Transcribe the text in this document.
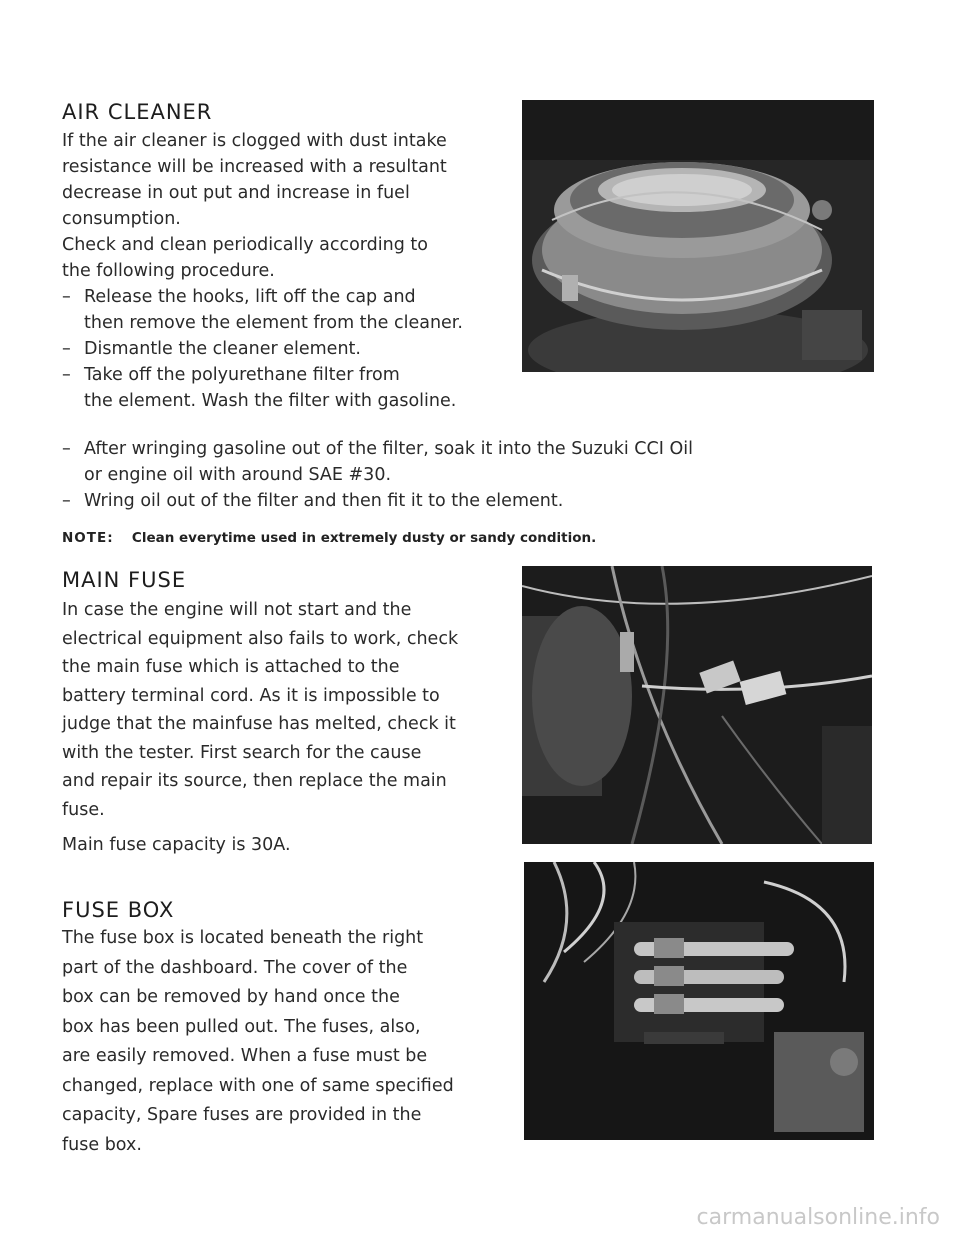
AIR CLEANER
If the air cleaner is clogged with dust intake
resistance will be increased with a resultant
decrease in out put and increase in fuel
consumption.
Check and clean periodically according to
the following procedure.
– Release the hooks, lift off the cap and
then remove the element from the cleaner.
– Dismantle the cleaner element.
– Take off the polyurethane filter from
the element. Wash the filter with gasoline.
– After wringing gasoline out of the filter, soak it into the Suzuki CCI Oil
or engine oil with around SAE #30.
– Wring oil out of the filter and then fit it to the element.
NOTE: Clean everytime used in extremely dusty or sandy condition.
MAIN FUSE
In case the engine will not start and the
electrical equipment also fails to work, check
the main fuse which is attached to the
battery terminal cord. As it is impossible to
judge that the mainfuse has melted, check it
with the tester. First search for the cause
and repair its source, then replace the main
fuse.
Main fuse capacity is 30A.
FUSE BOX
The fuse box is located beneath the right
part of the dashboard. The cover of the
box can be removed by hand once the
box has been pulled out. The fuses, also,
are easily removed. When a fuse must be
changed, replace with one of same specified
capacity, Spare fuses are provided in the
fuse box.
carmanualsonline.info
